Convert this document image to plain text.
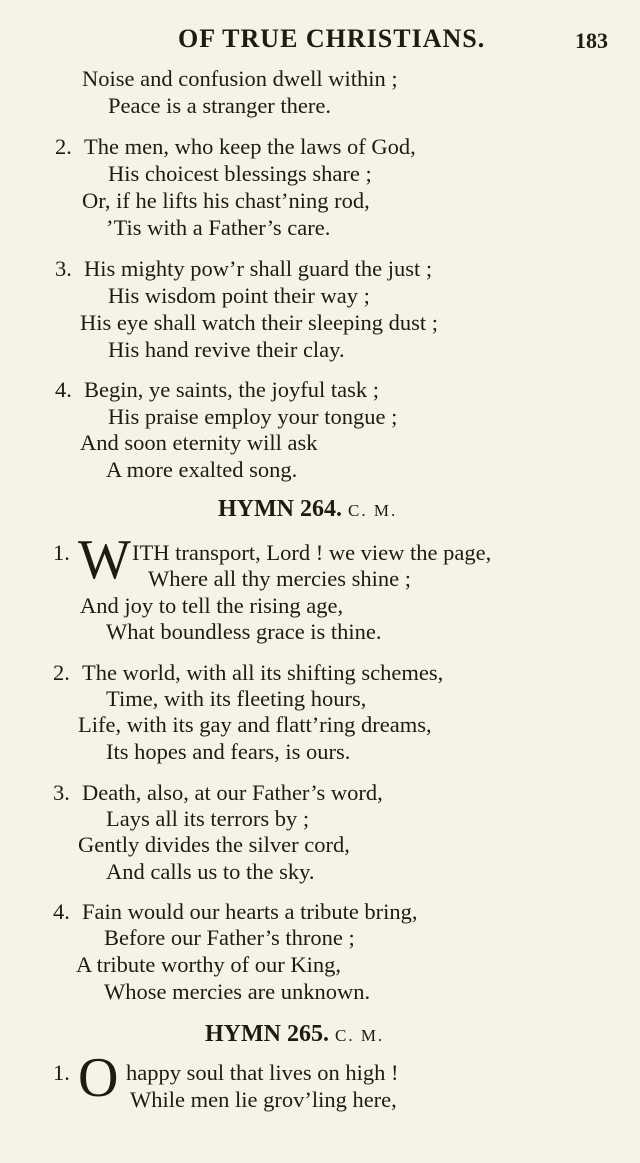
OF TRUE CHRISTIANS.	183
Noise and confusion dwell within ;
Peace is a stranger there.
2. The men, who keep the laws of God,
His choicest blessings share ;
Or, if he lifts his chast’ning rod,
’Tis with a Father’s care.
3. His mighty pow’r shall guard the just ;
His wisdom point their way ;
His eye shall watch their sleeping dust ;
His hand revive their clay.
4. Begin, ye saints, the joyful task ;
His praise employ your tongue ;
And soon eternity will ask
A more exalted song.
HYMN 264. C. M.
1. W ITH transport, Lord ! we view the page,
Where all thy mercies shine ;
And joy to tell the rising age,
What boundless grace is thine.
2. The world, with all its shifting schemes,
Time, with its fleeting hours,
Life, with its gay and flatt’ring dreams,
Its hopes and fears, is ours.
3. Death, also, at our Father’s word,
Lays all its terrors by ;
Gently divides the silver cord,
And calls us to the sky.
4. Fain would our hearts a tribute bring,
Before our Father’s throne ;
A tribute worthy of our King,
Whose mercies are unknown.
HYMN 265. C. M.
1. O happy soul that lives on high !
While men lie grov’ling here,
